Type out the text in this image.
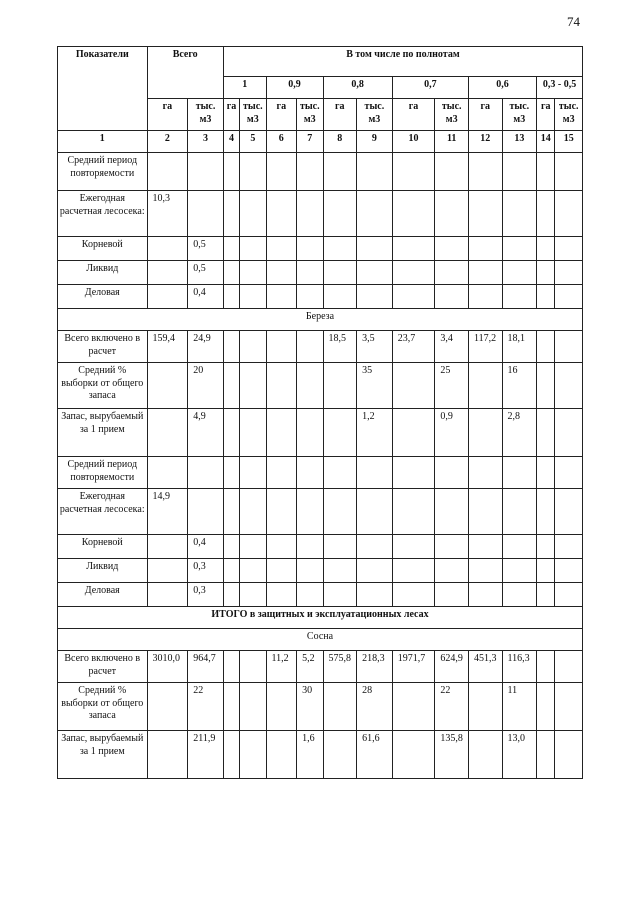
74
Показатели	Всего		В том числе по полнотам											
			1		0,9		0,8		0,7		0,6		0,3 - 0,5	
	га	тыс. м3	га	тыс. м3	га	тыс. м3	га	тыс. м3	га	тыс. м3	га	тыс. м3	га	тыс. м3
1	2	3	4	5	6	7	8	9	10	11	12	13	14	15
Средний период повторяемости														
Ежегодная расчетная лесосека:	10,3													
Корневой		0,5												
Ликвид		0,5												
Деловая		0,4												
Береза														
Всего включено в расчет	159,4	24,9					18,5	3,5	23,7	3,4	117,2	18,1		
Средний % выборки от общего запаса		20						35		25		16		
Запас, вырубаемый за 1 прием		4,9						1,2		0,9		2,8		
Средний период повторяемости														
Ежегодная расчетная лесосека:	14,9													
Корневой		0,4												
Ликвид		0,3												
Деловая		0,3												
ИТОГО в защитных и эксплуатационных лесах														
Сосна														
Всего включено в расчет	3010,0	964,7			11,2	5,2	575,8	218,3	1971,7	624,9	451,3	116,3		
Средний % выборки от общего запаса		22				30		28		22		11		
Запас, вырубаемый за 1 прием		211,9				1,6		61,6		135,8		13,0		
